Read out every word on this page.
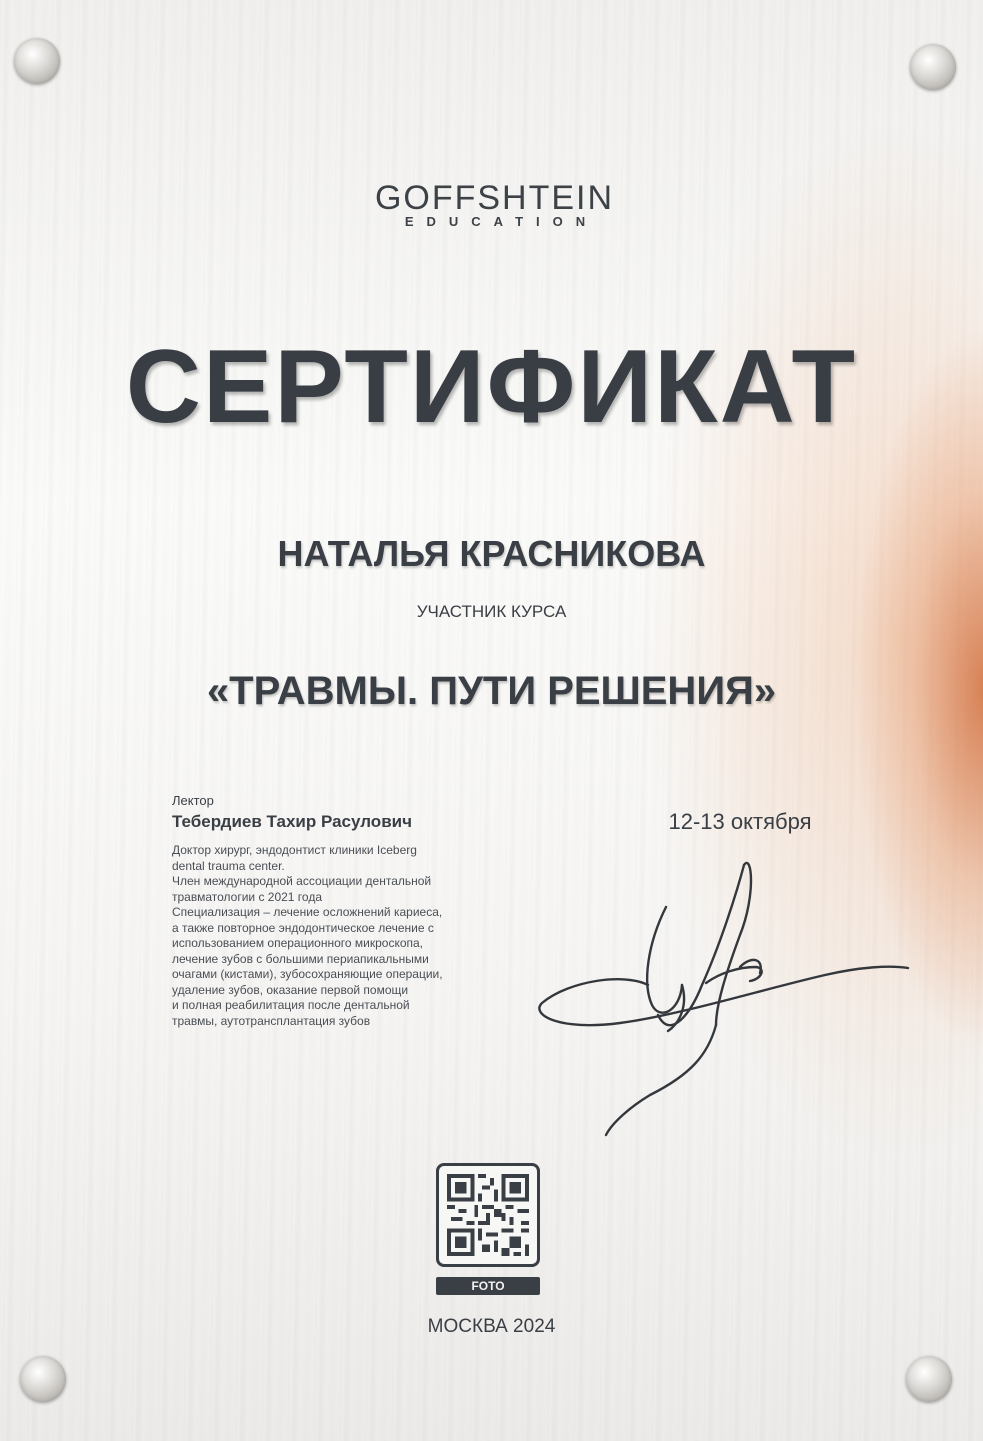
GOFFSHTEIN
EDUCATION
СЕРТИФИКАТ
НАТАЛЬЯ КРАСНИКОВА
УЧАСТНИК КУРСА
«ТРАВМЫ. ПУТИ РЕШЕНИЯ»
Лектор
Тебердиев Тахир Расулович
Доктор хирург, эндодонтист клиники Iceberg
dental trauma center.
Член международной ассоциации дентальной
травматологии с 2021 года
Специализация – лечение осложнений кариеса,
а также повторное эндодонтическое лечение с
использованием операционного микроскопа,
лечение зубов с большими периапикальными
очагами (кистами), зубосохраняющие операции,
удаление зубов, оказание первой помощи
и полная реабилитация после дентальной
травмы, аутотрансплантация зубов
12-13 октября
FOTO
МОСКВА 2024
